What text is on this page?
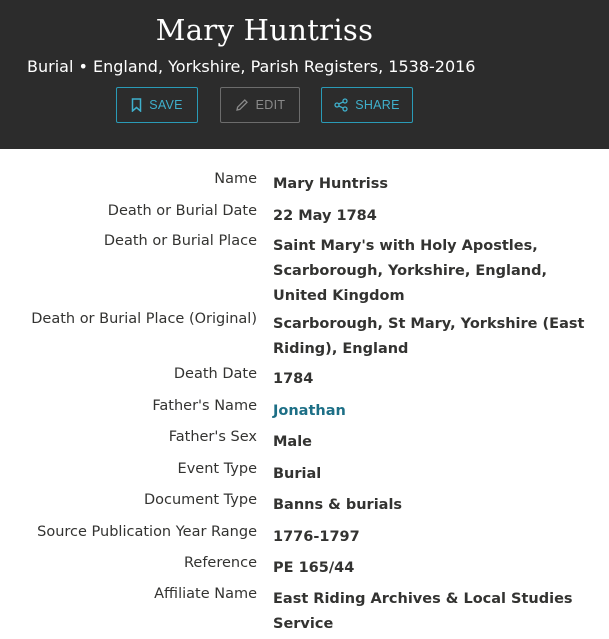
Mary Huntriss
Burial • England, Yorkshire, Parish Registers, 1538-2016
SAVE	EDIT	SHARE
Name Mary Huntriss
Death or Burial Date 22 May 1784
Death or Burial Place Saint Mary's with Holy Apostles, Scarborough, Yorkshire, England, United Kingdom
Death or Burial Place (Original) Scarborough, St Mary, Yorkshire (East Riding), England
Death Date 1784
Father's Name Jonathan
Father's Sex Male
Event Type Burial
Document Type Banns & burials
Source Publication Year Range 1776-1797
Reference PE 165/44
Affiliate Name East Riding Archives & Local Studies Service
